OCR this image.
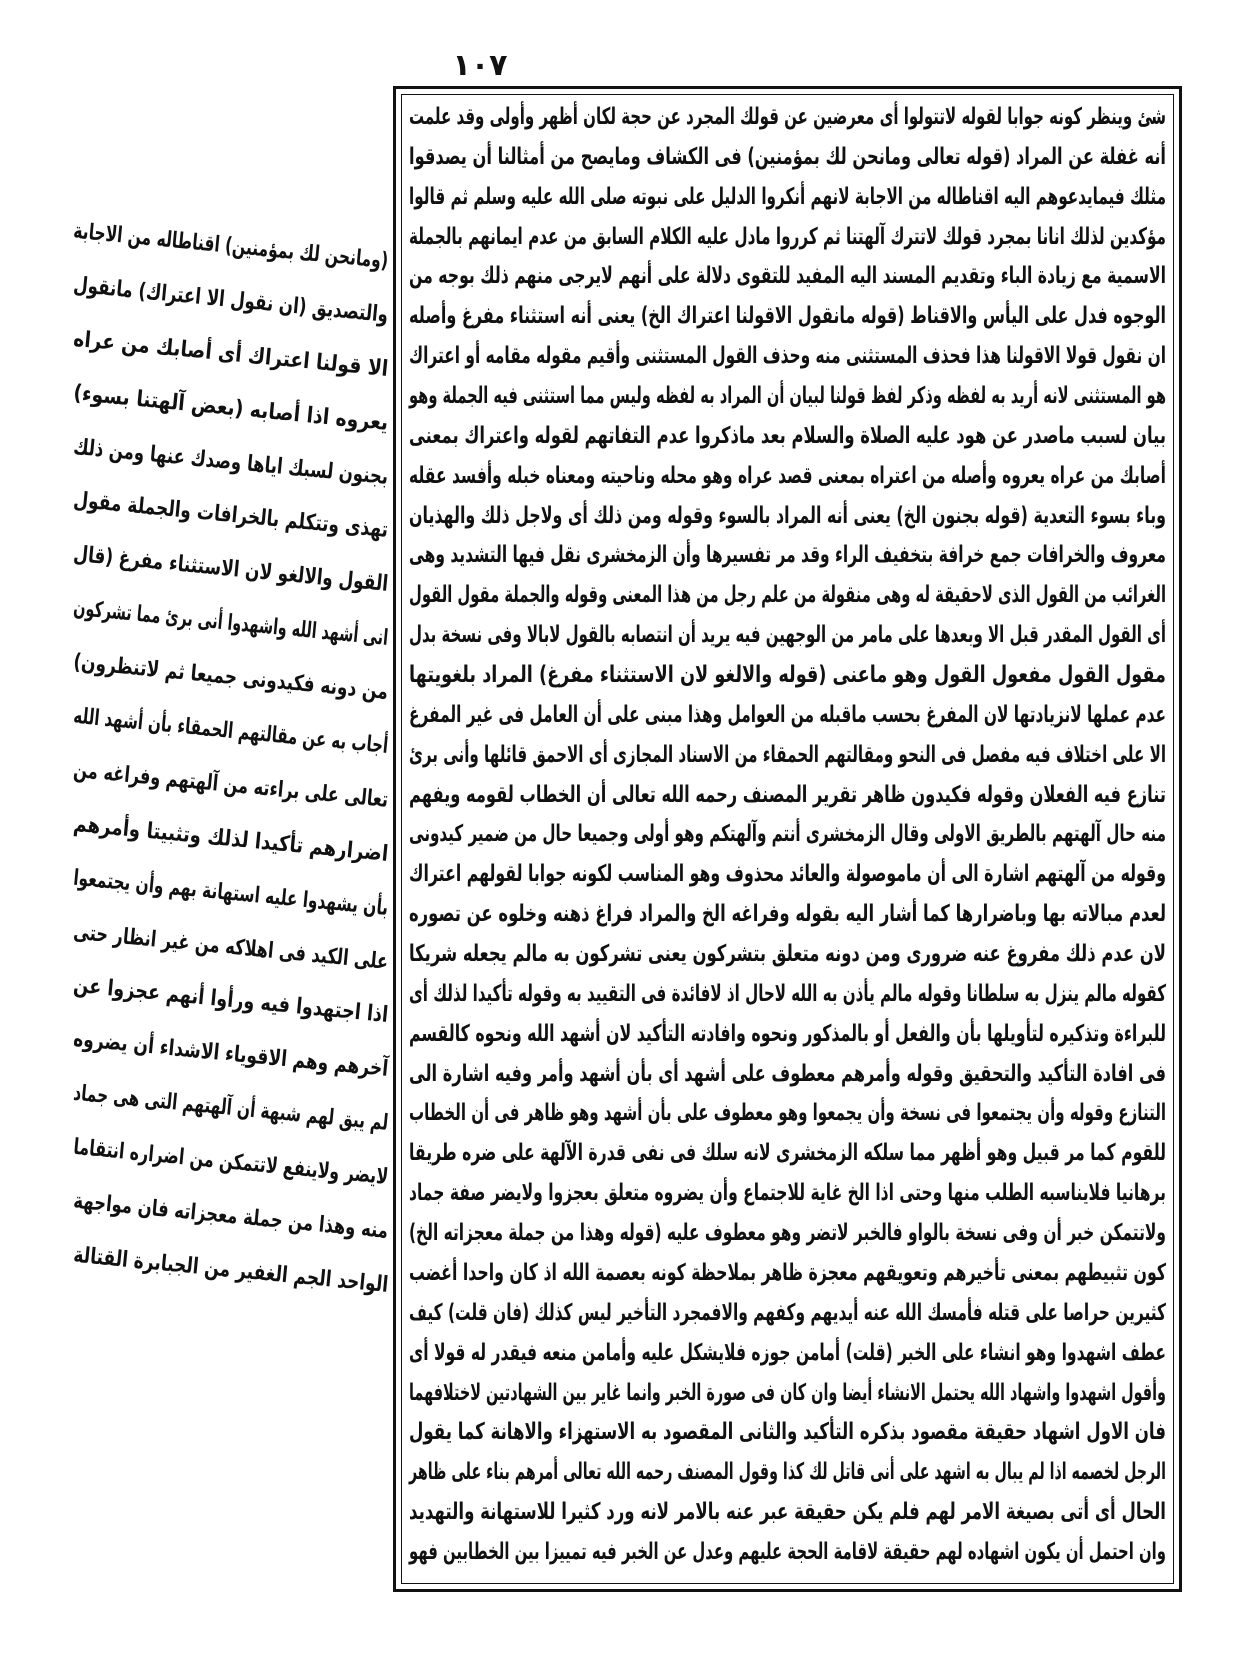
١٠٧
شئ وينظر كونه جوابا لقوله لاتتولوا أى معرضين عن قولك المجرد عن حجة لكان أظهر وأولى وقد علمت
أنه غفلة عن المراد (قوله تعالى ومانحن لك بمؤمنين) فى الكشاف ومايصح من أمثالنا أن يصدقوا
مثلك فيمايدعوهم اليه اقناطاله من الاجابة لانهم أنكروا الدليل على نبوته صلى الله عليه وسلم ثم قالوا
مؤكدين لذلك انانا بمجرد قولك لاتترك آلهتنا ثم كرروا مادل عليه الكلام السابق من عدم ايمانهم بالجملة
الاسمية مع زيادة الباء وتقديم المسند اليه المفيد للتقوى دلالة على أنهم لايرجى منهم ذلك بوجه من
الوجوه فدل على اليأس والاقناط (قوله مانقول الاقولنا اعتراك الخ) يعنى أنه استثناء مفرغ وأصله
ان نقول قولا الاقولنا هذا فحذف المستثنى منه وحذف القول المستثنى وأقيم مقوله مقامه أو اعتراك
هو المستثنى لانه أريد به لفظه وذكر لفظ قولنا لبيان أن المراد به لفظه وليس مما استثنى فيه الجملة وهو
بيان لسبب ماصدر عن هود عليه الصلاة والسلام بعد ماذكروا عدم التفاتهم لقوله واعتراك بمعنى
أصابك من عراه يعروه وأصله من اعتراه بمعنى قصد عراه وهو محله وناحيته ومعناه خبله وأفسد عقله
وباء بسوء التعدية (قوله بجنون الخ) يعنى أنه المراد بالسوء وقوله ومن ذلك أى ولاجل ذلك والهذيان
معروف والخرافات جمع خرافة بتخفيف الراء وقد مر تفسيرها وأن الزمخشرى نقل فيها التشديد وهى
الغرائب من القول الذى لاحقيقة له وهى منقولة من علم رجل من هذا المعنى وقوله والجملة مقول القول
أى القول المقدر قبل الا وبعدها على مامر من الوجهين فيه يريد أن انتصابه بالقول لابالا وفى نسخة بدل
مقول القول مفعول القول وهو ماعنى (قوله والالغو لان الاستثناء مفرغ) المراد بلغويتها
عدم عملها لانزيادتها لان المفرغ بحسب ماقبله من العوامل وهذا مبنى على أن العامل فى غير المفرغ
الا على اختلاف فيه مفصل فى النحو ومقالتهم الحمقاء من الاسناد المجازى أى الاحمق قائلها وأنى برئ
تنازع فيه الفعلان وقوله فكيدون ظاهر تقرير المصنف رحمه الله تعالى أن الخطاب لقومه ويفهم
منه حال آلهتهم بالطريق الاولى وقال الزمخشرى أنتم وآلهتكم وهو أولى وجميعا حال من ضمير كيدونى
وقوله من آلهتهم اشارة الى أن ماموصولة والعائد محذوف وهو المناسب لكونه جوابا لقولهم اعتراك
لعدم مبالاته بها وباضرارها كما أشار اليه بقوله وفراغه الخ والمراد فراغ ذهنه وخلوه عن تصوره
لان عدم ذلك مفروغ عنه ضرورى ومن دونه متعلق بتشركون يعنى تشركون به مالم يجعله شريكا
كقوله مالم ينزل به سلطانا وقوله مالم يأذن به الله لاحال اذ لافائدة فى التقييد به وقوله تأكيدا لذلك أى
للبراءة وتذكيره لتأويلها بأن والفعل أو بالمذكور ونحوه وافادته التأكيد لان أشهد الله ونحوه كالقسم
فى افادة التأكيد والتحقيق وقوله وأمرهم معطوف على أشهد أى بأن أشهد وأمر وفيه اشارة الى
التنازع وقوله وأن يجتمعوا فى نسخة وأن يجمعوا وهو معطوف على بأن أشهد وهو ظاهر فى أن الخطاب
للقوم كما مر قبيل وهو أظهر مما سلكه الزمخشرى لانه سلك فى نفى قدرة الآلهة على ضره طريقا
برهانيا فلايناسبه الطلب منها وحتى اذا الخ غاية للاجتماع وأن يضروه متعلق بعجزوا ولايضر صفة جماد
ولاتتمكن خبر أن وفى نسخة بالواو فالخبر لاتضر وهو معطوف عليه (قوله وهذا من جملة معجزاته الخ)
كون تثبيطهم بمعنى تأخيرهم وتعويقهم معجزة ظاهر بملاحظة كونه بعصمة الله اذ كان واحدا أغضب
كثيرين حراصا على قتله فأمسك الله عنه أيديهم وكفهم والافمجرد التأخير ليس كذلك (فان قلت) كيف
عطف اشهدوا وهو انشاء على الخبر (قلت) أمامن جوزه فلايشكل عليه وأمامن منعه فيقدر له قولا أى
وأقول اشهدوا واشهاد الله يحتمل الانشاء أيضا وان كان فى صورة الخبر وانما غاير بين الشهادتين لاختلافهما
فان الاول اشهاد حقيقة مقصود بذكره التأكيد والثانى المقصود به الاستهزاء والاهانة كما يقول
الرجل لخصمه اذا لم يبال به اشهد على أنى قاتل لك كذا وقول المصنف رحمه الله تعالى أمرهم بناء على ظاهر
الحال أى أتى بصيغة الامر لهم فلم يكن حقيقة عبر عنه بالامر لانه ورد كثيرا للاستهانة والتهديد
وان احتمل أن يكون اشهاده لهم حقيقة لاقامة الحجة عليهم وعدل عن الخبر فيه تمييزا بين الخطابين فهو
(ومانحن لك بمؤمنين) اقناطاله من الاجابة
والتصديق (ان نقول الا اعتراك) مانقول
الا قولنا اعتراك أى أصابك من عراه
يعروه اذا أصابه (بعض آلهتنا بسوء)
بجنون لسبك اياها وصدك عنها ومن ذلك
تهذى وتتكلم بالخرافات والجملة مقول
القول والالغو لان الاستثناء مفرغ (قال
انى أشهد الله واشهدوا أنى برئ مما تشركون
من دونه فكيدونى جميعا ثم لاتنظرون)
أجاب به عن مقالتهم الحمقاء بأن أشهد الله
تعالى على براءته من آلهتهم وفراغه من
اضرارهم تأكيدا لذلك وتثبيتا وأمرهم
بأن يشهدوا عليه استهانة بهم وأن يجتمعوا
على الكيد فى اهلاكه من غير انظار حتى
اذا اجتهدوا فيه ورأوا أنهم عجزوا عن
آخرهم وهم الاقوياء الاشداء أن يضروه
لم يبق لهم شبهة أن آلهتهم التى هى جماد
لايضر ولاينفع لاتتمكن من اضراره انتقاما
منه وهذا من جملة معجزاته فان مواجهة
الواحد الجم الغفير من الجبابرة القتالة
